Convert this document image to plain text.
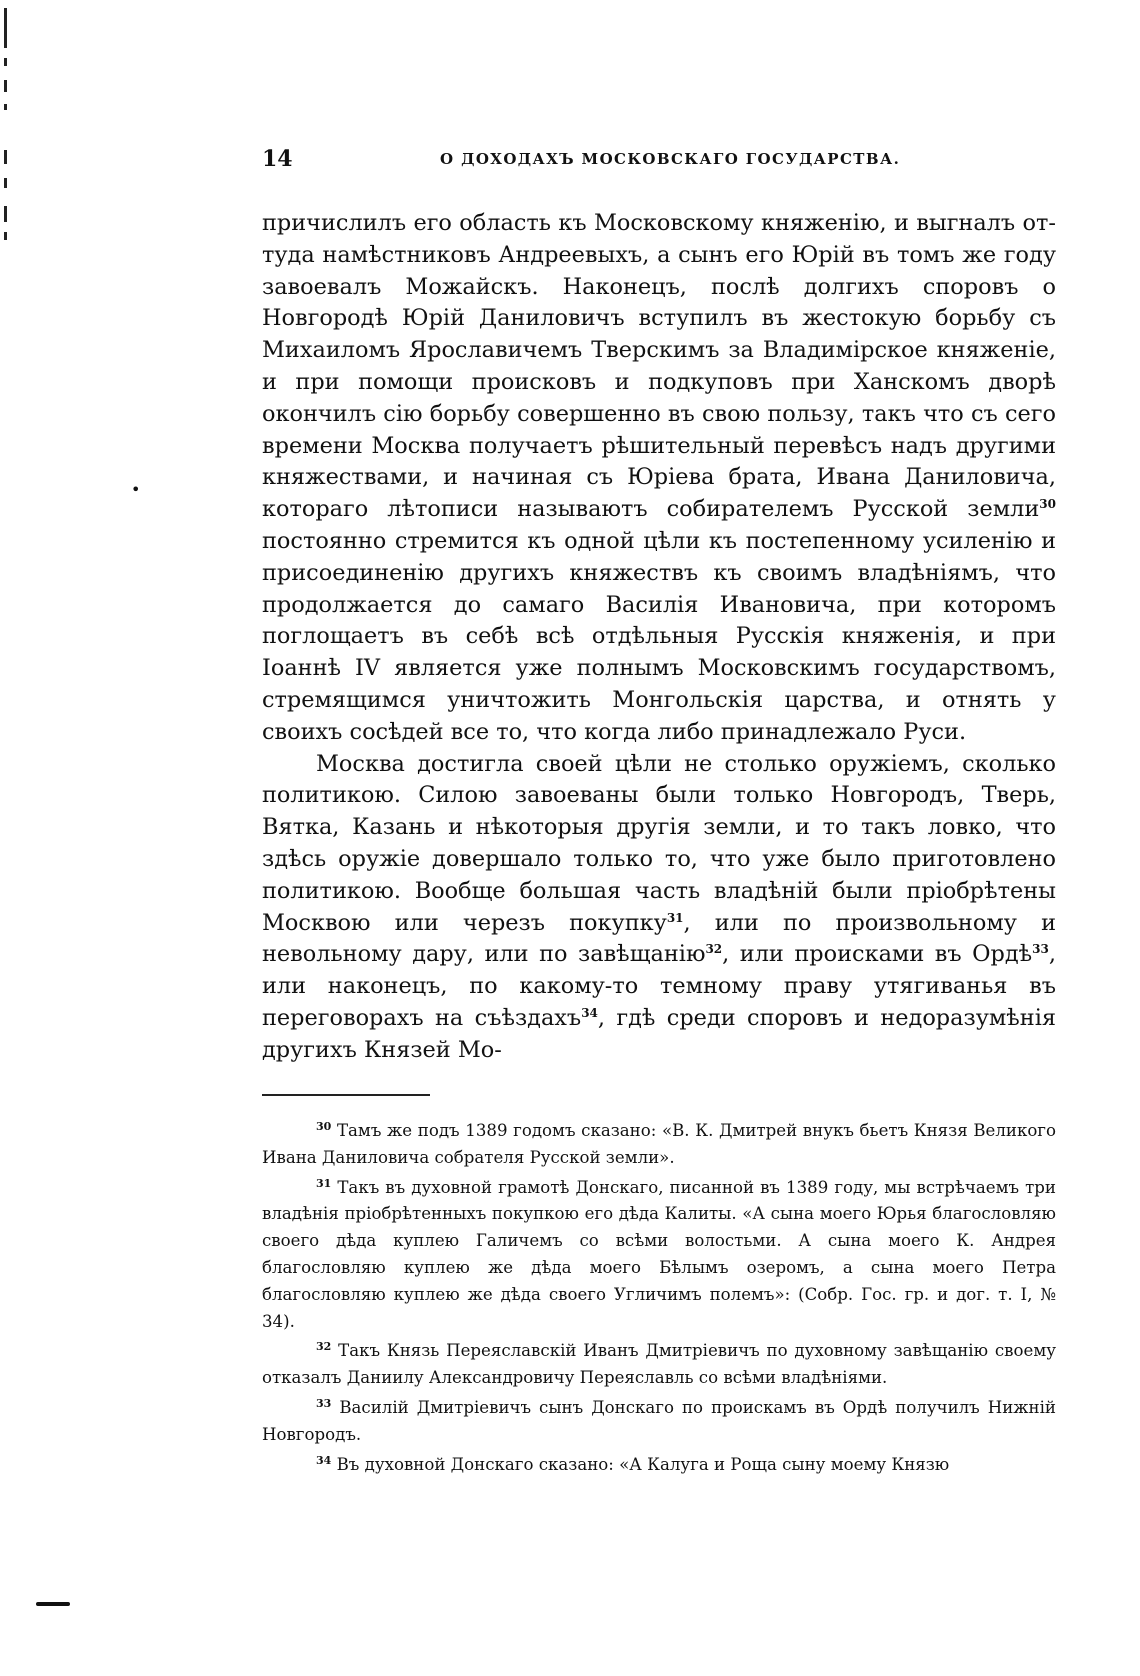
14	О ДОХОДАХЪ МОСКОВСКАГО ГОСУДАРСТВА.
•

причислилъ его область къ Московскому княженію, и выгналъ оттуда намѣстниковъ Андреевыхъ, а сынъ его Юрій въ томъ же году завоевалъ Можайскъ. Наконецъ, послѣ долгихъ споровъ о Новгородѣ Юрій Даниловичъ вступилъ въ жестокую борьбу съ Михаиломъ Ярославичемъ Тверскимъ за Владимірское княженіе, и при помощи происковъ и подкуповъ при Ханскомъ дворѣ окончилъ сію борьбу совершенно въ свою пользу, такъ что съ сего времени Москва получаетъ рѣшительный перевѣсъ надъ другими княжествами, и начиная съ Юріева брата, Ивана Даниловича, котораго лѣтописи называютъ собирателемъ Русской земли$^{30}$ постоянно стремится къ одной цѣли къ постепенному усиленію и присоединенію другихъ княжествъ къ своимъ владѣніямъ, что продолжается до самаго Василія Ивановича, при которомъ поглощаетъ въ себѣ всѣ отдѣльныя Русскія княженія, и при Іоаннѣ IV является уже полнымъ Московскимъ государствомъ, стремящимся уничтожить Монгольскія царства, и отнять у своихъ сосѣдей все то, что когда либо принадлежало Руси.

Москва достигла своей цѣли не столько оружіемъ, сколько политикою. Силою завоеваны были только Новгородъ, Тверь, Вятка, Казань и нѣкоторыя другія земли, и то такъ ловко, что здѣсь оружіе довершало только то, что уже было приготовлено политикою. Вообще большая часть владѣній были пріобрѣтены Москвою или черезъ покупку$^{31}$, или по произвольному и невольному дару, или по завѣщанію$^{32}$, или происками въ Ордѣ$^{33}$, или наконецъ, по какому-то темному праву утягиванья въ переговорахъ на съѣздахъ$^{34}$, гдѣ среди споровъ и недоразумѣнія другихъ Князей Мо-

$^{30}$ Тамъ же подъ 1389 годомъ сказано: «В. К. Дмитрей внукъ бьетъ Князя Великого Ивана Даниловича собрателя Русской земли».

$^{31}$ Такъ въ духовной грамотѣ Донскаго, писанной въ 1389 году, мы встрѣчаемъ три владѣнія пріобрѣтенныхъ покупкою его дѣда Калиты. «А сына моего Юрья благословляю своего дѣда куплею Галичемъ со всѣми волостьми. А сына моего К. Андрея благословляю куплею же дѣда моего Бѣлымъ озеромъ, а сына моего Петра благословляю куплею же дѣда своего Угличимъ полемъ»: (Собр. Гос. гр. и дог. т. I, № 34).

$^{32}$ Такъ Князь Переяславскій Иванъ Дмитріевичъ по духовному завѣщанію своему отказалъ Даниилу Александровичу Переяславль со всѣми владѣніями.

$^{33}$ Василій Дмитріевичъ сынъ Донскаго по проискамъ въ Ордѣ получилъ Нижній Новгородъ.

$^{34}$ Въ духовной Донскаго сказано: «А Калуга и Роща сыну моему Князю
